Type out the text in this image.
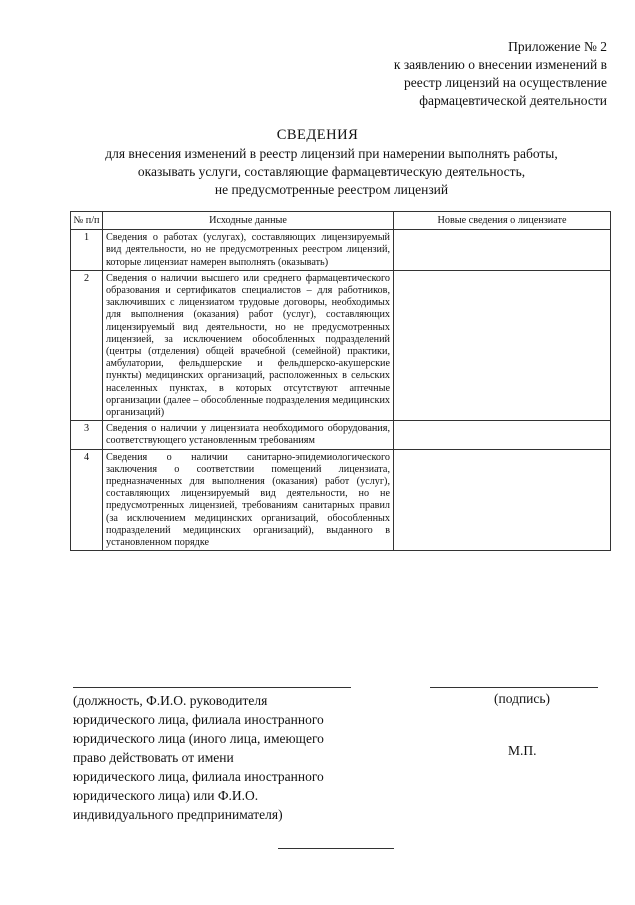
Приложение № 2
к заявлению о внесении изменений в
реестр лицензий на осуществление
фармацевтической деятельности
СВЕДЕНИЯ
для внесения изменений в реестр лицензий при намерении выполнять работы,
оказывать услуги, составляющие фармацевтическую деятельность,
не предусмотренные реестром лицензий
№ п/п	Исходные данные	Новые сведения о лицензиате
1	Сведения о работах (услугах), составляющих лицензируемый вид деятельности, но не предусмотренных реестром лицензий, которые лицензиат намерен выполнять (оказывать)	
2	Сведения о наличии высшего или среднего фармацевтического образования и сертификатов специалистов – для работников, заключивших с лицензиатом трудовые договоры, необходимых для выполнения (оказания) работ (услуг), составляющих лицензируемый вид деятельности, но не предусмотренных лицензией, за исключением обособленных подразделений (центры (отделения) общей врачебной (семейной) практики, амбулатории, фельдшерские и фельдшерско-акушерские пункты) медицинских организаций, расположенных в сельских населенных пунктах, в которых отсутствуют аптечные организации (далее – обособленные подразделения медицинских организаций)	
3	Сведения о наличии у лицензиата необходимого оборудования, соответствующего установленным требованиям	
4	Сведения о наличии санитарно-эпидемиологического заключения о соответствии помещений лицензиата, предназначенных для выполнения (оказания) работ (услуг), составляющих лицензируемый вид деятельности, но не предусмотренных лицензией, требованиям санитарных правил (за исключением медицинских организаций, обособленных подразделений медицинских организаций), выданного в установленном порядке	
(должность, Ф.И.О. руководителя
юридического лица, филиала иностранного
юридического лица (иного лица, имеющего
право действовать от имени
юридического лица, филиала иностранного
юридического лица) или Ф.И.О.
индивидуального предпринимателя)
(подпись)
М.П.
